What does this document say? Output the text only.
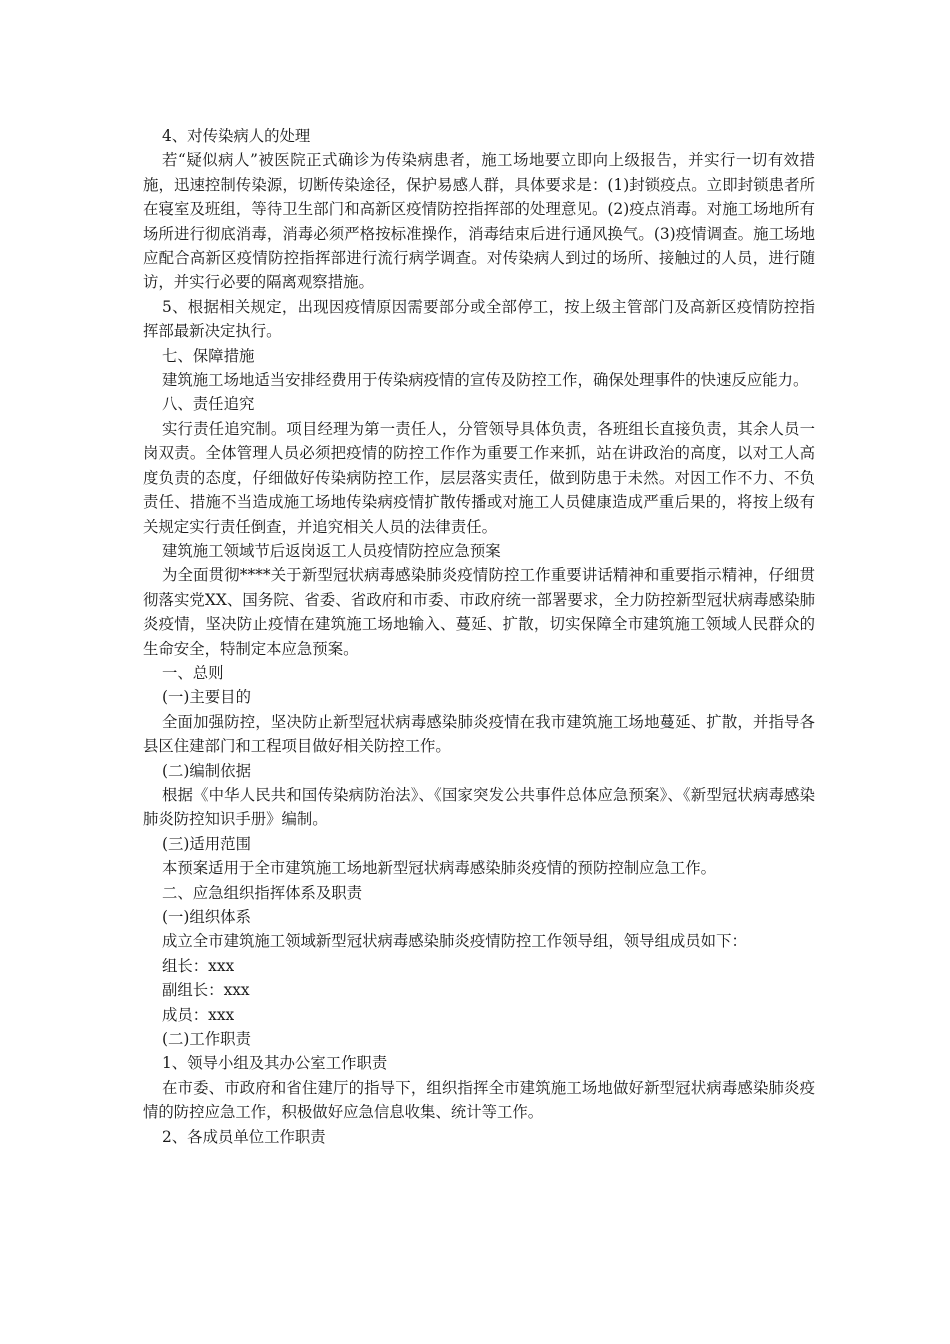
4、对传染病人的处理

若“疑似病人”被医院正式确诊为传染病患者，施工场地要立即向上级报告，并实行一切有效措施，迅速控制传染源，切断传染途径，保护易感人群，具体要求是：(1)封锁疫点。立即封锁患者所在寝室及班组，等待卫生部门和高新区疫情防控指挥部的处理意见。(2)疫点消毒。对施工场地所有场所进行彻底消毒，消毒必须严格按标准操作，消毒结束后进行通风换气。(3)疫情调查。施工场地应配合高新区疫情防控指挥部进行流行病学调查。对传染病人到过的场所、接触过的人员，进行随访，并实行必要的隔离观察措施。

5、根据相关规定，出现因疫情原因需要部分或全部停工，按上级主管部门及高新区疫情防控指挥部最新决定执行。

七、保障措施

建筑施工场地适当安排经费用于传染病疫情的宣传及防控工作，确保处理事件的快速反应能力。

八、责任追究

实行责任追究制。项目经理为第一责任人，分管领导具体负责，各班组长直接负责，其余人员一岗双责。全体管理人员必须把疫情的防控工作作为重要工作来抓，站在讲政治的高度，以对工人高度负责的态度，仔细做好传染病防控工作，层层落实责任，做到防患于未然。对因工作不力、不负责任、措施不当造成施工场地传染病疫情扩散传播或对施工人员健康造成严重后果的，将按上级有关规定实行责任倒查，并追究相关人员的法律责任。

建筑施工领域节后返岗返工人员疫情防控应急预案

为全面贯彻****关于新型冠状病毒感染肺炎疫情防控工作重要讲话精神和重要指示精神，仔细贯彻落实党XX、国务院、省委、省政府和市委、市政府统一部署要求，全力防控新型冠状病毒感染肺炎疫情，坚决防止疫情在建筑施工场地输入、蔓延、扩散，切实保障全市建筑施工领域人民群众的生命安全，特制定本应急预案。

一、总则

(一)主要目的

全面加强防控，坚决防止新型冠状病毒感染肺炎疫情在我市建筑施工场地蔓延、扩散，并指导各县区住建部门和工程项目做好相关防控工作。

(二)编制依据

根据《中华人民共和国传染病防治法》、《国家突发公共事件总体应急预案》、《新型冠状病毒感染肺炎防控知识手册》编制。

(三)适用范围

本预案适用于全市建筑施工场地新型冠状病毒感染肺炎疫情的预防控制应急工作。

二、应急组织指挥体系及职责

(一)组织体系

成立全市建筑施工领域新型冠状病毒感染肺炎疫情防控工作领导组，领导组成员如下：

组长：xxx

副组长：xxx

成员：xxx

(二)工作职责

1、领导小组及其办公室工作职责

在市委、市政府和省住建厅的指导下，组织指挥全市建筑施工场地做好新型冠状病毒感染肺炎疫情的防控应急工作，积极做好应急信息收集、统计等工作。

2、各成员单位工作职责
